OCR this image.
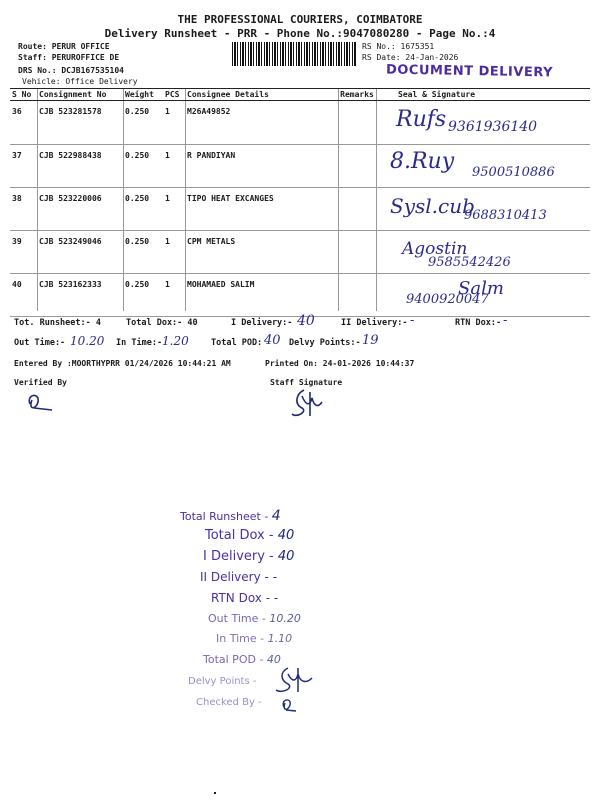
THE PROFESSIONAL COURIERS, COIMBATORE
Delivery Runsheet - PRR - Phone No.:9047080280 - Page No.:4
Route: PERUR OFFICE
Staff: PERUROFFICE DE
DRS No.: DCJB167535104
Vehicle: Office Delivery
RS No.: 1675351
RS Date: 24-Jan-2026
DOCUMENT DELIVERY
S No	Consignment No	Weight	PCS	Consignee Details	Remarks	Seal & Signature
36	CJB 523281578	0.250	1	M26A49852		Rufs 9361936140

37	CJB 522988438	0.250	1	R PANDIYAN		8.Ruy 9500510886

38	CJB 523220006	0.250	1	TIPO HEAT EXCANGES		Sysl.cub
9688310413

39	CJB 523249046	0.250	1	CPM METALS		Agostin
9585542426

40	CJB 523162333	0.250	1	MOHAMAED SALIM		Salm
9400920047
Tot. Runsheet:- 4	Total Dox:- 40	I Delivery:- 40	II Delivery:- -	RTN Dox:- -
Out Time:- 10.20 In Time:- 1.20	Total POD: 40 Delvy Points:- 19
Entered By :MOORTHYPRR 01/24/2026 10:44:21 AM	Printed On: 24-01-2026 10:44:37
Verified By	Staff Signature
Total Runsheet - 4
Total Dox - 40
I Delivery - 40
II Delivery - -
RTN Dox - -
Out Time - 10.20
In Time - 1.10
Total POD - 40
Delvy Points -
Checked By -
